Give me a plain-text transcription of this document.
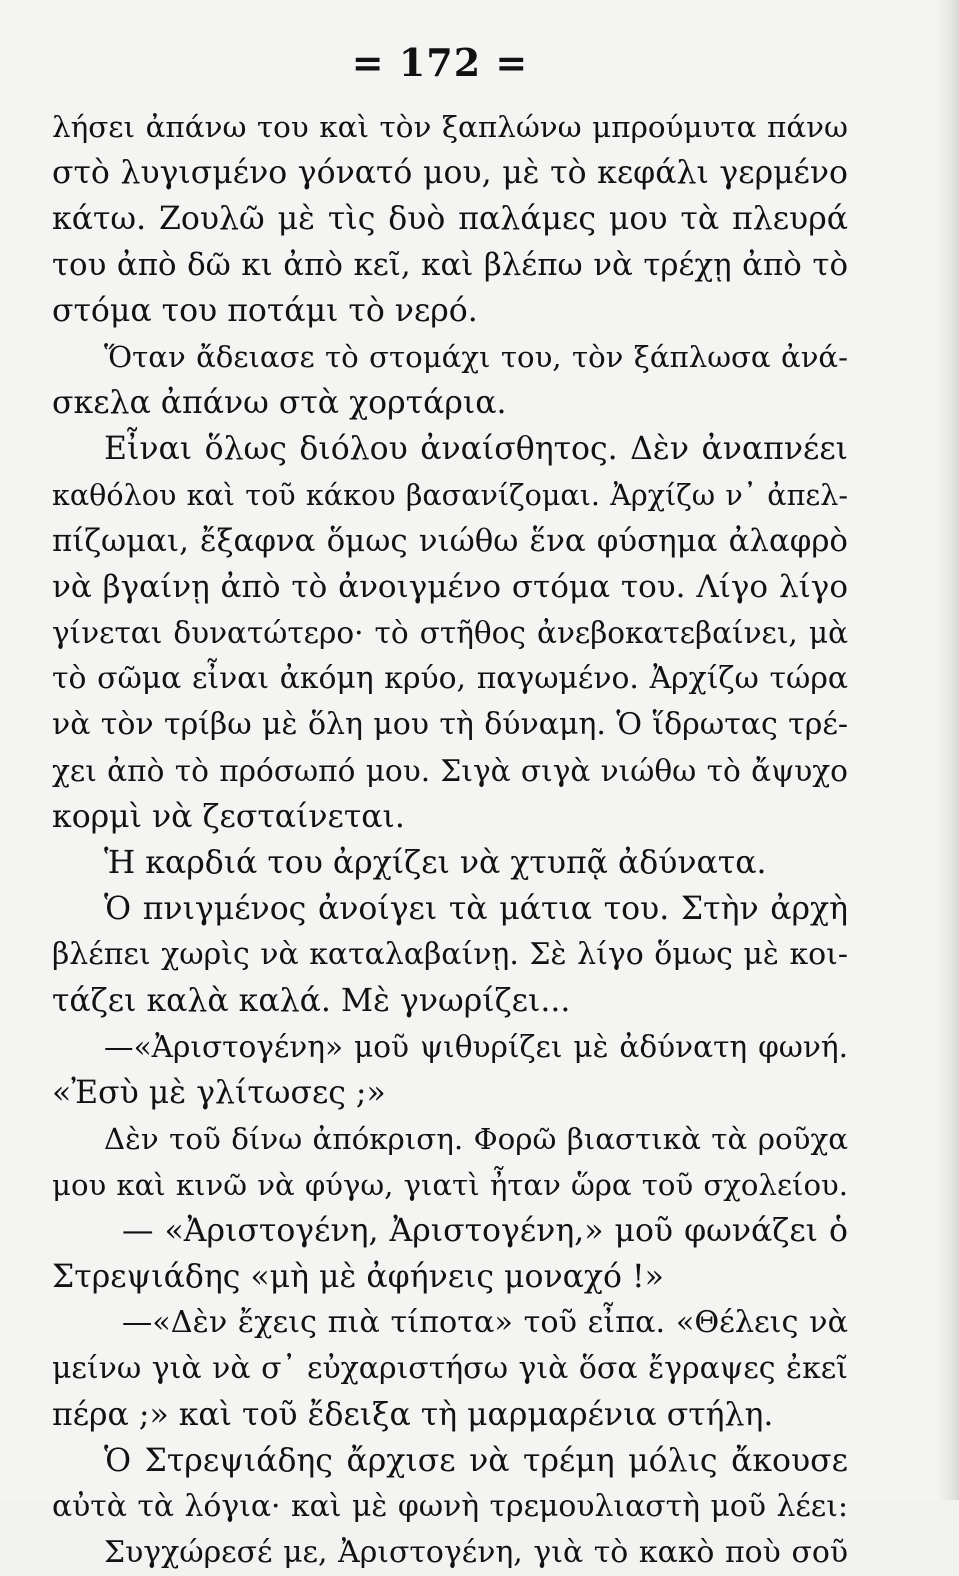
= 172 =
λήσει ἀπάνω του καὶ τὸν ξαπλώνω μπρούμυτα πάνω
στὸ λυγισμένο γόνατό μου, μὲ τὸ κεφάλι γερμένο
κάτω. Ζουλῶ μὲ τὶς δυὸ παλάμες μου τὰ πλευρά
του ἀπὸ δῶ κι ἀπὸ κεῖ, καὶ βλέπω νὰ τρέχῃ ἀπὸ τὸ
στόμα του ποτάμι τὸ νερό.
Ὅταν ἄδειασε τὸ στομάχι του, τὸν ξάπλωσα ἀνά-
σκελα ἀπάνω στὰ χορτάρια.
Εἶναι ὅλως διόλου ἀναίσθητος. Δὲν ἀναπνέει
καθόλου καὶ τοῦ κάκου βασανίζομαι. Ἀρχίζω ν᾽ ἀπελ-
πίζωμαι, ἔξαφνα ὅμως νιώθω ἕνα φύσημα ἀλαφρὸ
νὰ βγαίνῃ ἀπὸ τὸ ἀνοιγμένο στόμα του. Λίγο λίγο
γίνεται δυνατώτερο· τὸ στῆθος ἀνεβοκατεβαίνει, μὰ
τὸ σῶμα εἶναι ἀκόμη κρύο, παγωμένο. Ἀρχίζω τώρα
νὰ τὸν τρίβω μὲ ὅλη μου τὴ δύναμη. Ὁ ἵδρωτας τρέ-
χει ἀπὸ τὸ πρόσωπό μου. Σιγὰ σιγὰ νιώθω τὸ ἄψυχο
κορμὶ νὰ ζεσταίνεται.
Ἡ καρδιά του ἀρχίζει νὰ χτυπᾷ ἀδύνατα.
Ὁ πνιγμένος ἀνοίγει τὰ μάτια του. Στὴν ἀρχὴ
βλέπει χωρὶς νὰ καταλαβαίνῃ. Σὲ λίγο ὅμως μὲ κοι-
τάζει καλὰ καλά. Μὲ γνωρίζει...
—«Ἀριστογένη» μοῦ ψιθυρίζει μὲ ἀδύνατη φωνή.
«Ἐσὺ μὲ γλίτωσες ;»
Δὲν τοῦ δίνω ἀπόκριση. Φορῶ βιαστικὰ τὰ ροῦχα
μου καὶ κινῶ νὰ φύγω, γιατὶ ἦταν ὥρα τοῦ σχολείου.
— «Ἀριστογένη, Ἀριστογένη,» μοῦ φωνάζει ὁ
Στρεψιάδης «μὴ μὲ ἀφήνεις μοναχό !»
—«Δὲν ἔχεις πιὰ τίποτα» τοῦ εἶπα. «Θέλεις νὰ
μείνω γιὰ νὰ σ᾽ εὐχαριστήσω γιὰ ὅσα ἔγραψες ἐκεῖ
πέρα ;» καὶ τοῦ ἔδειξα τὴ μαρμαρένια στήλη.
Ὁ Στρεψιάδης ἄρχισε νὰ τρέμη μόλις ἄκουσε
αὐτὰ τὰ λόγια· καὶ μὲ φωνὴ τρεμουλιαστὴ μοῦ λέει:
Συγχώρεσέ με, Ἀριστογένη, γιὰ τὸ κακὸ ποὺ σοῦ
